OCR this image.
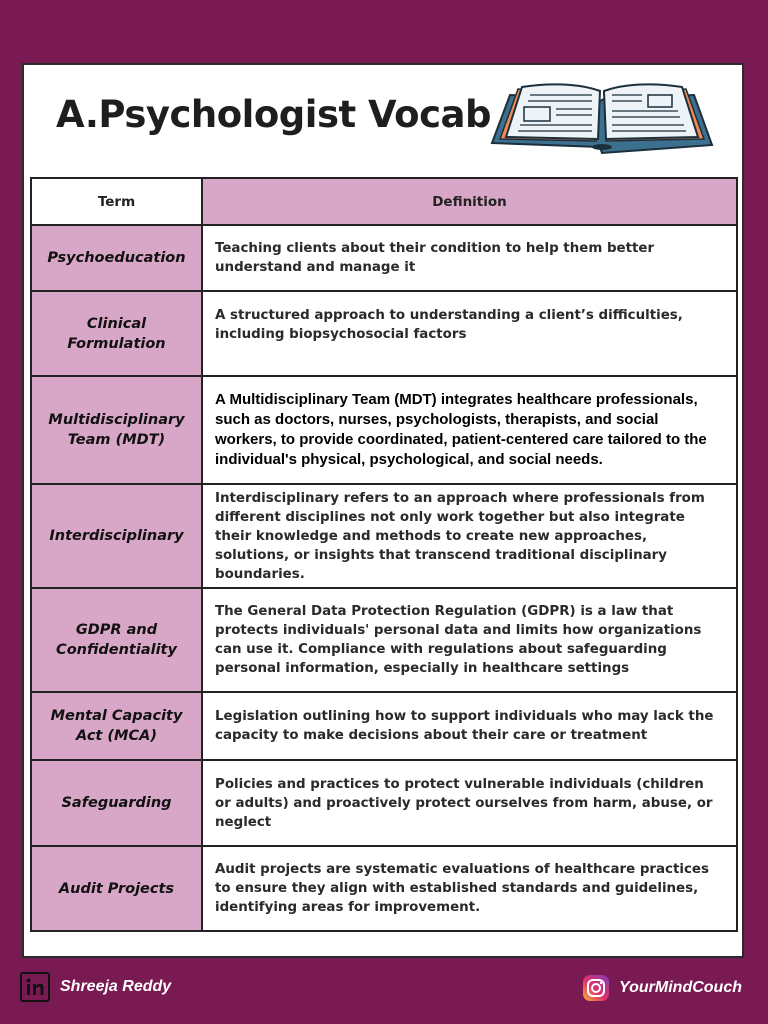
A.Psychologist Vocab
Term	Definition
Psychoeducation	Teaching clients about their condition to help them better understand and manage it
Clinical Formulation	A structured approach to understanding a client’s difficulties, including biopsychosocial factors
Multidisciplinary Team (MDT)	A Multidisciplinary Team (MDT) integrates healthcare professionals, such as doctors, nurses, psychologists, therapists, and social workers, to provide coordinated, patient-centered care tailored to the individual's physical, psychological, and social needs.
Interdisciplinary	Interdisciplinary refers to an approach where professionals from different disciplines not only work together but also integrate their knowledge and methods to create new approaches, solutions, or insights that transcend traditional disciplinary boundaries.
GDPR and Confidentiality	The General Data Protection Regulation (GDPR) is a law that protects individuals' personal data and limits how organizations can use it. Compliance with regulations about safeguarding personal information, especially in healthcare settings
Mental Capacity Act (MCA)	Legislation outlining how to support individuals who may lack the capacity to make decisions about their care or treatment
Safeguarding	Policies and practices to protect vulnerable individuals (children or adults) and proactively protect ourselves from harm, abuse, or neglect
Audit Projects	Audit projects are systematic evaluations of healthcare practices to ensure they align with established standards and guidelines, identifying areas for improvement.
Shreeja Reddy	YourMindCouch
